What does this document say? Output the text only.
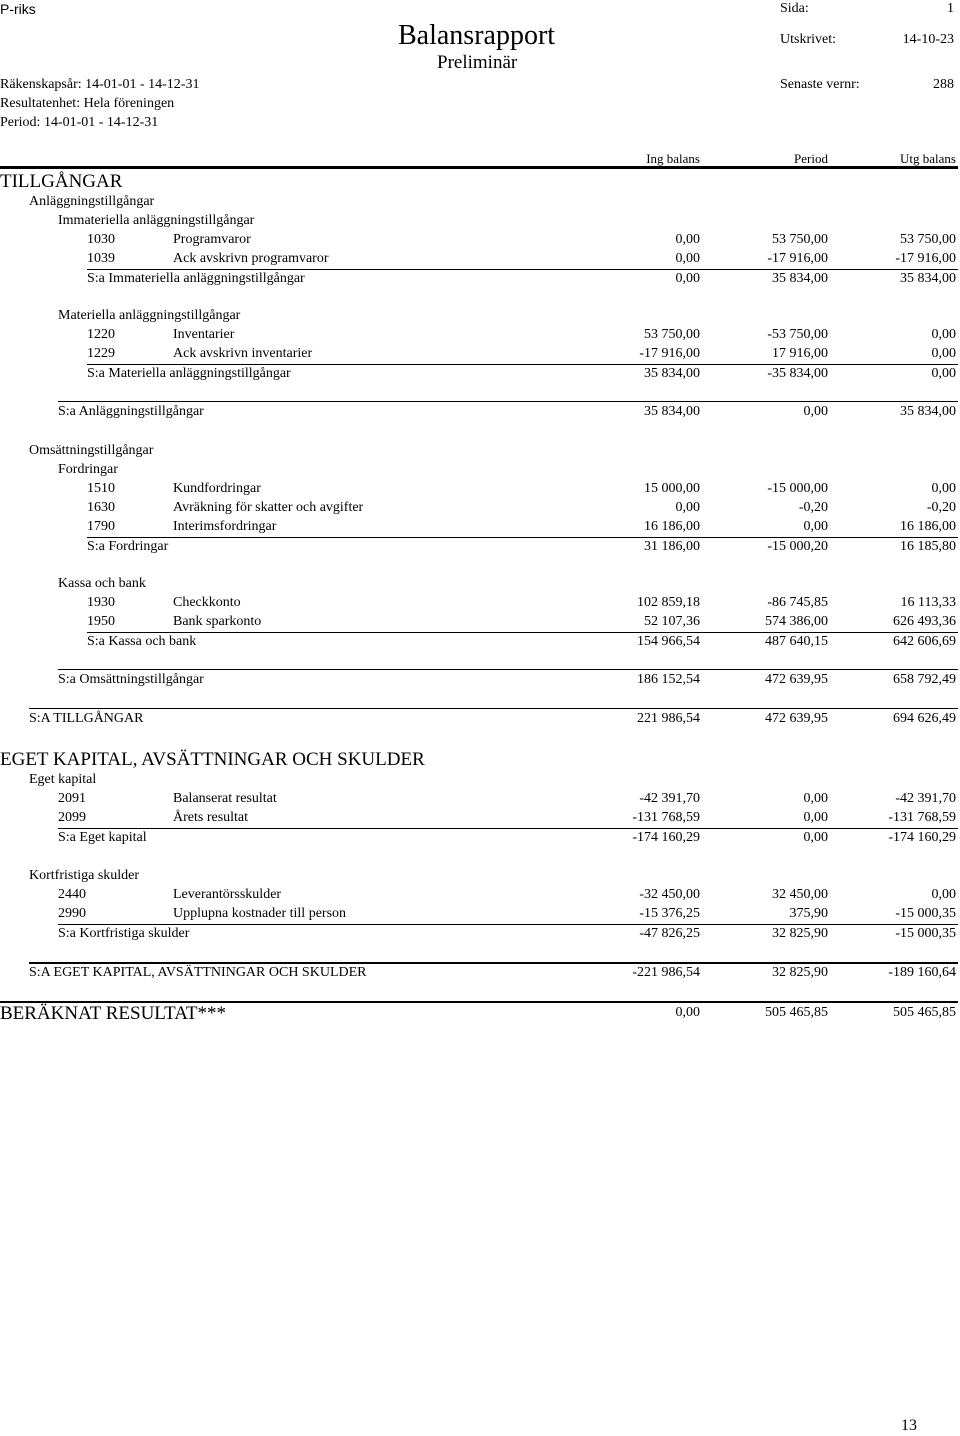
P-riks
Balansrapport
Preliminär
Sida:	1
Utskrivet:	14-10-23
Senaste vernr:	288
Räkenskapsår: 14-01-01 - 14-12-31
Resultatenhet: Hela föreningen
Period: 14-01-01 - 14-12-31
Ing balans	Period	Utg balans
TILLGÅNGAR
Anläggningstillgångar
Immateriella anläggningstillgångar
1030	Programvaror	0,00	53 750,00	53 750,00
1039	Ack avskrivn programvaror	0,00	-17 916,00	-17 916,00
S:a Immateriella anläggningstillgångar	0,00	35 834,00	35 834,00
Materiella anläggningstillgångar
1220	Inventarier	53 750,00	-53 750,00	0,00
1229	Ack avskrivn inventarier	-17 916,00	17 916,00	0,00
S:a Materiella anläggningstillgångar	35 834,00	-35 834,00	0,00
S:a Anläggningstillgångar	35 834,00	0,00	35 834,00
Omsättningstillgångar
Fordringar
1510	Kundfordringar	15 000,00	-15 000,00	0,00
1630	Avräkning för skatter och avgifter	0,00	-0,20	-0,20
1790	Interimsfordringar	16 186,00	0,00	16 186,00
S:a Fordringar	31 186,00	-15 000,20	16 185,80
Kassa och bank
1930	Checkkonto	102 859,18	-86 745,85	16 113,33
1950	Bank sparkonto	52 107,36	574 386,00	626 493,36
S:a Kassa och bank	154 966,54	487 640,15	642 606,69
S:a Omsättningstillgångar	186 152,54	472 639,95	658 792,49
S:A TILLGÅNGAR	221 986,54	472 639,95	694 626,49
EGET KAPITAL, AVSÄTTNINGAR OCH SKULDER
Eget kapital
2091	Balanserat resultat	-42 391,70	0,00	-42 391,70
2099	Årets resultat	-131 768,59	0,00	-131 768,59
S:a Eget kapital	-174 160,29	0,00	-174 160,29
Kortfristiga skulder
2440	Leverantörsskulder	-32 450,00	32 450,00	0,00
2990	Upplupna kostnader till person	-15 376,25	375,90	-15 000,35
S:a Kortfristiga skulder	-47 826,25	32 825,90	-15 000,35
S:A EGET KAPITAL, AVSÄTTNINGAR OCH SKULDER	-221 986,54	32 825,90	-189 160,64
BERÄKNAT RESULTAT***	0,00	505 465,85	505 465,85
13
